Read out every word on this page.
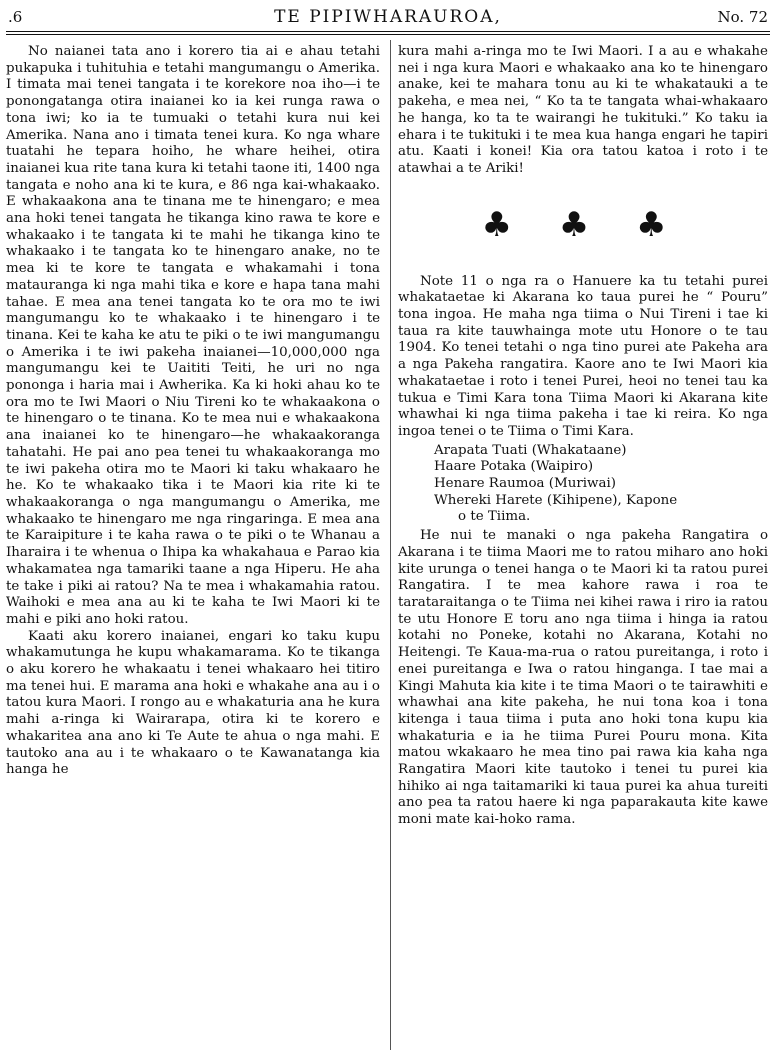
.6	TE PIPIWHARAUROA,	No. 72

No naianei tata ano i korero tia ai e ahau tetahi pukapuka i tuhituhia e tetahi mangumangu o Amerika. I timata mai tenei tangata i te korekore noa iho—i te ponongatanga otira inaianei ko ia kei runga rawa o tona iwi; ko ia te tumuaki o tetahi kura nui kei Amerika. Nana ano i timata tenei kura. Ko nga whare tuatahi he tepara hoiho, he whare heihei, otira inaianei kua rite tana kura ki tetahi taone iti, 1400 nga tangata e noho ana ki te kura, e 86 nga kai-whakaako. E whakaakona ana te tinana me te hinengaro; e mea ana hoki tenei tangata he tikanga kino rawa te kore e whakaako i te tangata ki te mahi he tikanga kino te whakaako i te tangata ko te hinengaro anake, no te mea ki te kore te tangata e whakamahi i tona matauranga ki nga mahi tika e kore e hapa tana mahi tahae. E mea ana tenei tangata ko te ora mo te iwi mangumangu ko te whakaako i te hinengaro i te tinana. Kei te kaha ke atu te piki o te iwi mangumangu o Amerika i te iwi pakeha inaianei—10,000,000 nga mangumangu kei te Uaititi Teiti, he uri no nga pononga i haria mai i Awherika. Ka ki hoki ahau ko te ora mo te Iwi Maori o Niu Tireni ko te whakaakona o te hinengaro o te tinana. Ko te mea nui e whakaakona ana inaianei ko te hinengaro—he whakaakoranga tahatahi. He pai ano pea tenei tu whakaakoranga mo te iwi pakeha otira mo te Maori ki taku whakaaro he he. Ko te whakaako tika i te Maori kia rite ki te whakaakoranga o nga mangumangu o Amerika, me whakaako te hinengaro me nga ringaringa. E mea ana te Karaipiture i te kaha rawa o te piki o te Whanau a Iharaira i te whenua o Ihipa ka whakahaua e Parao kia whakamatea nga tamariki taane a nga Hiperu. He aha te take i piki ai ratou? Na te mea i whakamahia ratou. Waihoki e mea ana au ki te kaha te Iwi Maori ki te mahi e piki ano hoki ratou.

Kaati aku korero inaianei, engari ko taku kupu whakamutunga he kupu whakamarama. Ko te tikanga o aku korero he whakaatu i tenei whakaaro hei titiro ma tenei hui. E marama ana hoki e whakahe ana au i o tatou kura Maori. I rongo au e whakaturia ana he kura mahi a-ringa ki Wairarapa, otira ki te korero e whakaritea ana ano ki Te Aute te ahua o nga mahi. E tautoko ana au i te whakaaro o te Kawanatanga kia hanga he

kura mahi a-ringa mo te Iwi Maori. I a au e whakahe nei i nga kura Maori e whakaako ana ko te hinengaro anake, kei te mahara tonu au ki te whakatauki a te pakeha, e mea nei, “ Ko ta te tangata whai-whakaaro he hanga, ko ta te wairangi he tukituki.” Ko taku ia ehara i te tukituki i te mea kua hanga engari he tapiri atu. Kaati i konei! Kia ora tatou katoa i roto i te atawhai a te Ariki!

♣ ♣ ♣

Note 11 o nga ra o Hanuere ka tu tetahi purei whakataetae ki Akarana ko taua purei he “ Pouru” tona ingoa. He maha nga tiima o Nui Tireni i tae ki taua ra kite tauwhainga mote utu Honore o te tau 1904. Ko tenei tetahi o nga tino purei ate Pakeha ara a nga Pakeha rangatira. Kaore ano te Iwi Maori kia whakataetae i roto i tenei Purei, heoi no tenei tau ka tukua e Timi Kara tona Tiima Maori ki Akarana kite whawhai ki nga tiima pakeha i tae ki reira. Ko nga ingoa tenei o te Tiima o Timi Kara.

Arapata Tuati (Whakataane)
Haare Potaka (Waipiro)
Henare Raumoa (Muriwai)
Whereki Harete (Kihipene), Kapone
o te Tiima.

He nui te manaki o nga pakeha Rangatira o Akarana i te tiima Maori me to ratou miharo ano hoki kite urunga o tenei hanga o te Maori ki ta ratou purei Rangatira. I te mea kahore rawa i roa te tarataraitanga o te Tiima nei kihei rawa i riro ia ratou te utu Honore E toru ano nga tiima i hinga ia ratou kotahi no Poneke, kotahi no Akarana, Kotahi no Heitengi. Te Kaua-ma-rua o ratou pureitanga, i roto i enei pureitanga e Iwa o ratou hinganga. I tae mai a Kingi Mahuta kia kite i te tima Maori o te tairawhiti e whawhai ana kite pakeha, he nui tona koa i tona kitenga i taua tiima i puta ano hoki tona kupu kia whakaturia e ia he tiima Purei Pouru mona. Kita matou wkakaaro he mea tino pai rawa kia kaha nga Rangatira Maori kite tautoko i tenei tu purei kia hihiko ai nga taitamariki ki taua purei ka ahua tureiti ano pea ta ratou haere ki nga paparakauta kite kawe moni mate kai-hoko rama.
